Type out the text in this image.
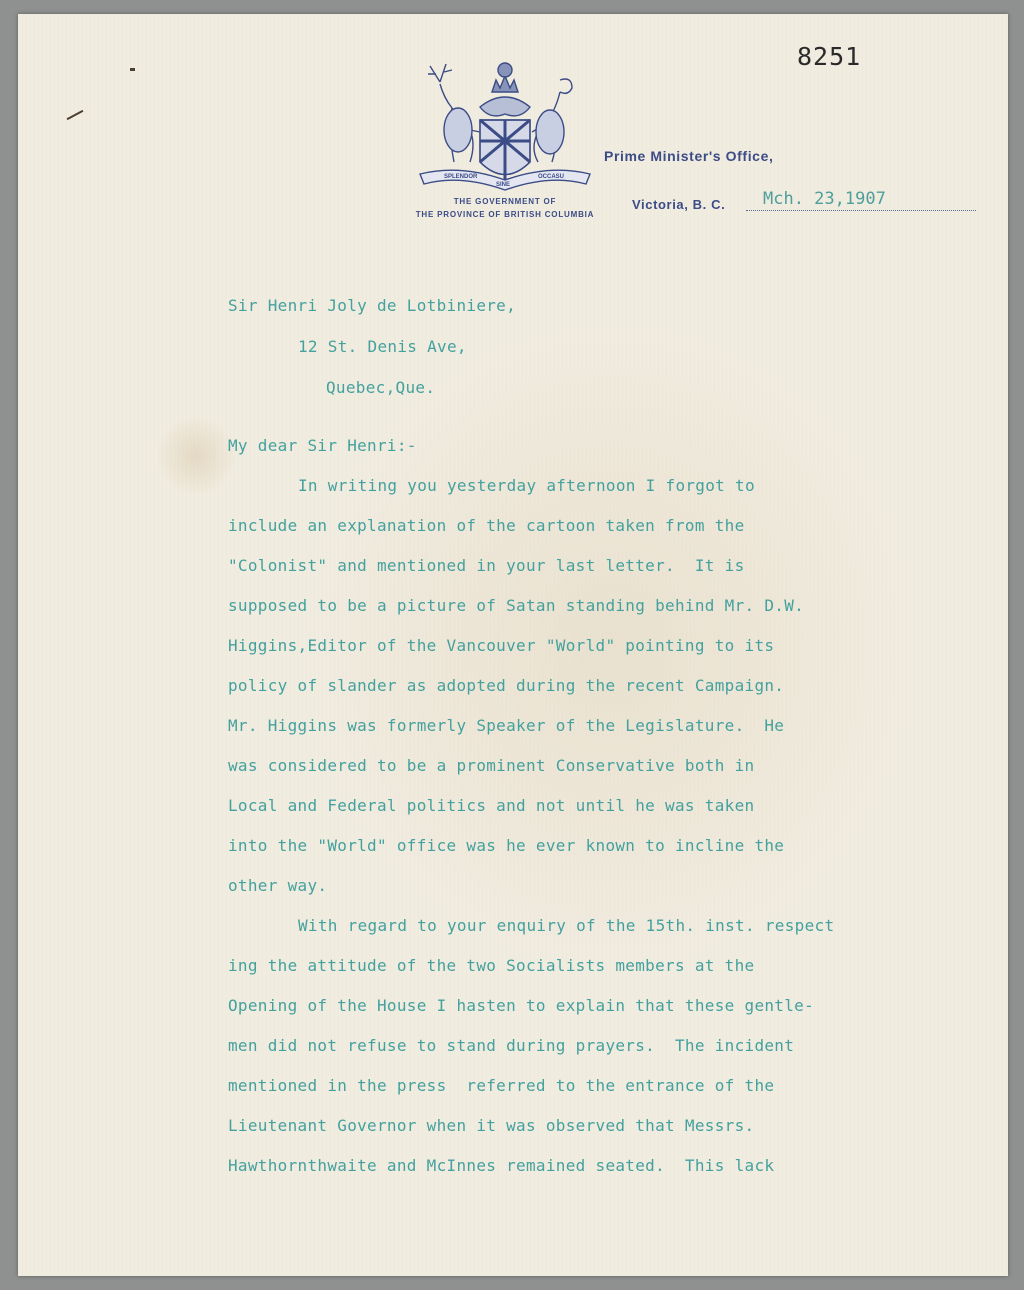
8251
SPLENDOR
SINE
OCCASU
THE GOVERNMENT OF
THE PROVINCE OF BRITISH COLUMBIA
Prime Minister's Office,
Victoria, B. C. Mch. 23,1907
Sir Henri Joly de Lotbiniere,
12 St. Denis Ave,
Quebec,Que.
My dear Sir Henri:-
In writing you yesterday afternoon I forgot to
include an explanation of the cartoon taken from the
"Colonist" and mentioned in your last letter.  It is
supposed to be a picture of Satan standing behind Mr. D.W.
Higgins,Editor of the Vancouver "World" pointing to its
policy of slander as adopted during the recent Campaign.
Mr. Higgins was formerly Speaker of the Legislature.  He
was considered to be a prominent Conservative both in
Local and Federal politics and not until he was taken
into the "World" office was he ever known to incline the
other way.
With regard to your enquiry of the 15th. inst. respect
ing the attitude of the two Socialists members at the
Opening of the House I hasten to explain that these gentle-
men did not refuse to stand during prayers.  The incident
mentioned in the press  referred to the entrance of the
Lieutenant Governor when it was observed that Messrs.
Hawthornthwaite and McInnes remained seated.  This lack
